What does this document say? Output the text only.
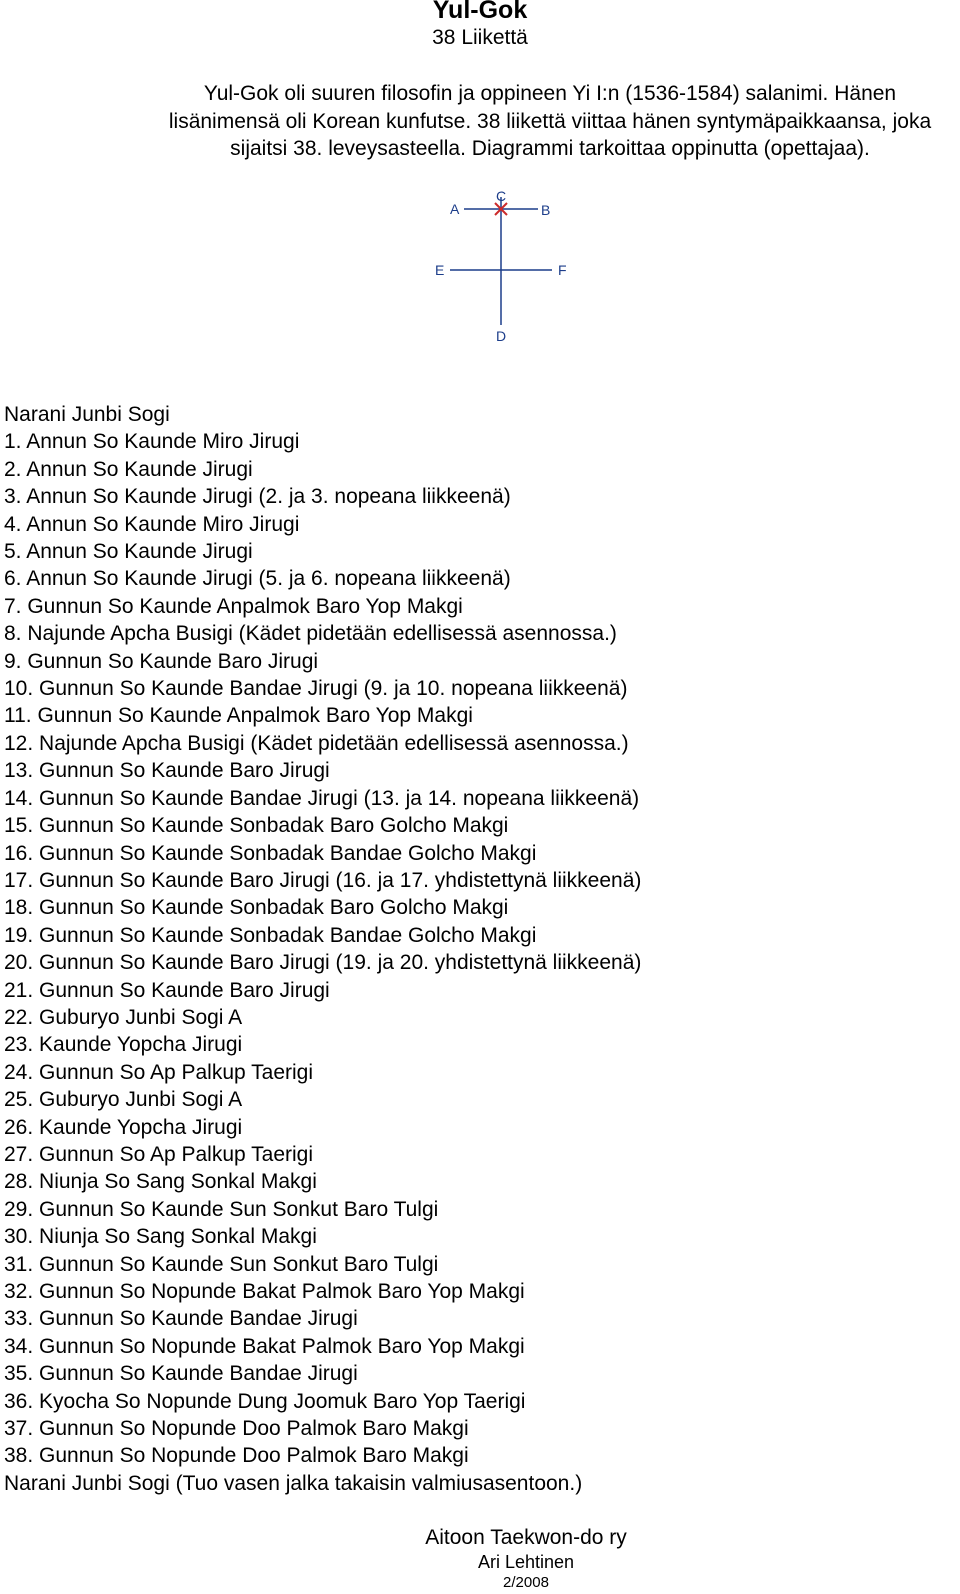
Yul-Gok
38 Liikettä
Yul-Gok oli suuren filosofin ja oppineen Yi I:n (1536-1584) salanimi. Hänen
lisänimensä oli Korean kunfutse. 38 liikettä viittaa hänen syntymäpaikkaansa, joka
sijaitsi 38. leveysasteella. Diagrammi tarkoittaa oppinutta (opettajaa).
C
A	B
E	F
D
Narani Junbi Sogi
1. Annun So Kaunde Miro Jirugi
2. Annun So Kaunde Jirugi
3. Annun So Kaunde Jirugi (2. ja 3. nopeana liikkeenä)
4. Annun So Kaunde Miro Jirugi
5. Annun So Kaunde Jirugi
6. Annun So Kaunde Jirugi (5. ja 6. nopeana liikkeenä)
7. Gunnun So Kaunde Anpalmok Baro Yop Makgi
8. Najunde Apcha Busigi (Kädet pidetään edellisessä asennossa.)
9. Gunnun So Kaunde Baro Jirugi
10. Gunnun So Kaunde Bandae Jirugi (9. ja 10. nopeana liikkeenä)
11. Gunnun So Kaunde Anpalmok Baro Yop Makgi
12. Najunde Apcha Busigi (Kädet pidetään edellisessä asennossa.)
13. Gunnun So Kaunde Baro Jirugi
14. Gunnun So Kaunde Bandae Jirugi (13. ja 14. nopeana liikkeenä)
15. Gunnun So Kaunde Sonbadak Baro Golcho Makgi
16. Gunnun So Kaunde Sonbadak Bandae Golcho Makgi
17. Gunnun So Kaunde Baro Jirugi (16. ja 17. yhdistettynä liikkeenä)
18. Gunnun So Kaunde Sonbadak Baro Golcho Makgi
19. Gunnun So Kaunde Sonbadak Bandae Golcho Makgi
20. Gunnun So Kaunde Baro Jirugi (19. ja 20. yhdistettynä liikkeenä)
21. Gunnun So Kaunde Baro Jirugi
22. Guburyo Junbi Sogi A
23. Kaunde Yopcha Jirugi
24. Gunnun So Ap Palkup Taerigi
25. Guburyo Junbi Sogi A
26. Kaunde Yopcha Jirugi
27. Gunnun So Ap Palkup Taerigi
28. Niunja So Sang Sonkal Makgi
29. Gunnun So Kaunde Sun Sonkut Baro Tulgi
30. Niunja So Sang Sonkal Makgi
31. Gunnun So Kaunde Sun Sonkut Baro Tulgi
32. Gunnun So Nopunde Bakat Palmok Baro Yop Makgi
33. Gunnun So Kaunde Bandae Jirugi
34. Gunnun So Nopunde Bakat Palmok Baro Yop Makgi
35. Gunnun So Kaunde Bandae Jirugi
36. Kyocha So Nopunde Dung Joomuk Baro Yop Taerigi
37. Gunnun So Nopunde Doo Palmok Baro Makgi
38. Gunnun So Nopunde Doo Palmok Baro Makgi
Narani Junbi Sogi (Tuo vasen jalka takaisin valmiusasentoon.)
Aitoon Taekwon-do ry
Ari Lehtinen
2/2008
